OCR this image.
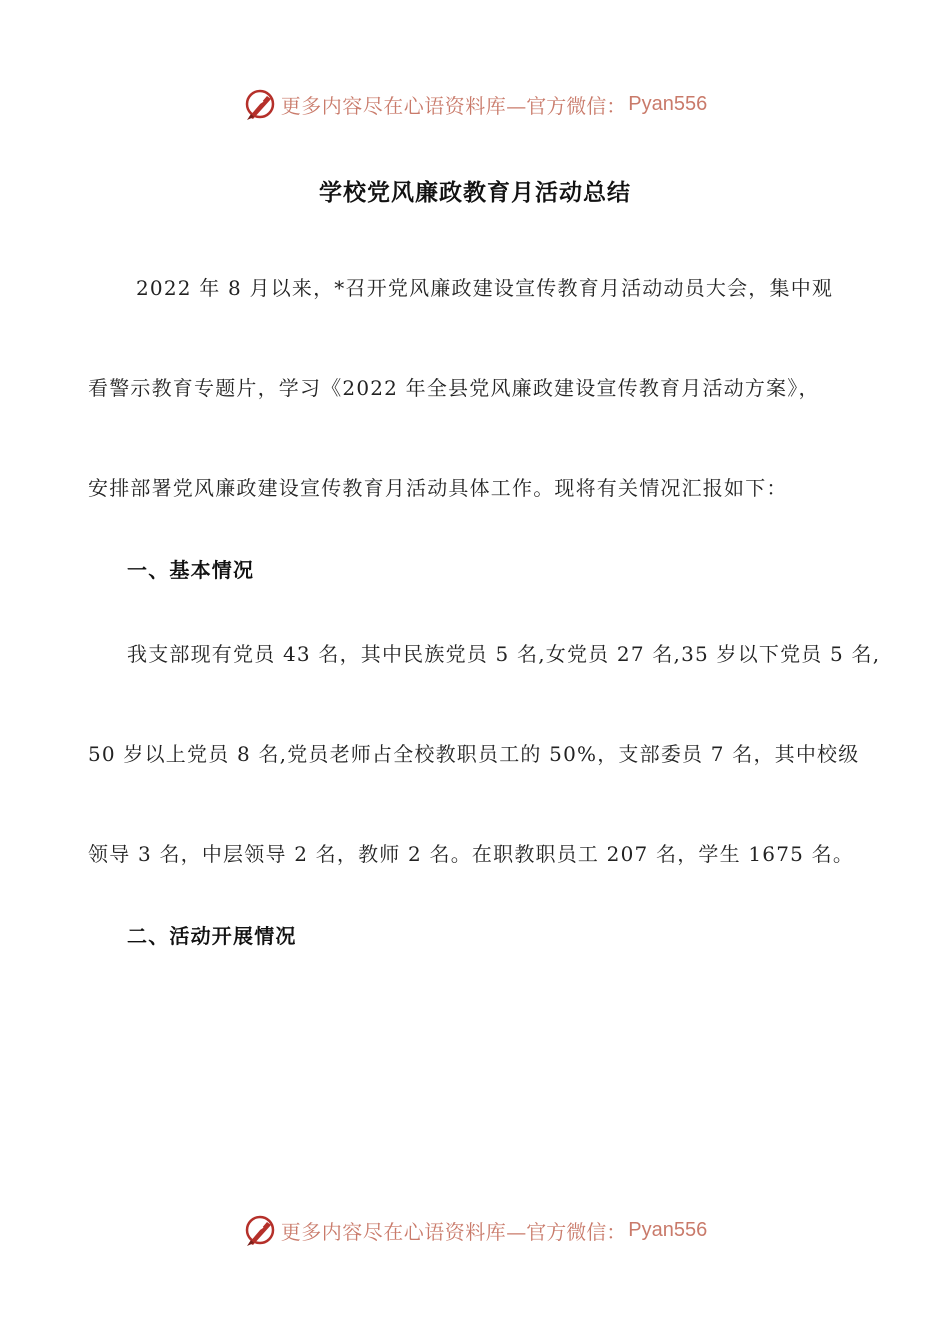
更多内容尽在心语资料库 —官方微信： Pyan556
学校党风廉政教育月活动总结
2022 年 8 月以来，*召开党风廉政建设宣传教育月活动动员大会，集中观
看警示教育专题片，学习《2022 年全县党风廉政建设宣传教育月活动方案》，
安排部署党风廉政建设宣传教育月活动具体工作。现将有关情况汇报如下：
一、基本情况
我支部现有党员 43 名，其中民族党员 5 名,女党员 27 名,35 岁以下党员 5 名,
50 岁以上党员 8 名,党员老师占全校教职员工的 50%，支部委员 7 名，其中校级
领导 3 名，中层领导 2 名，教师 2 名。在职教职员工 207 名，学生 1675 名。
二、活动开展情况
更多内容尽在心语资料库 —官方微信： Pyan556
